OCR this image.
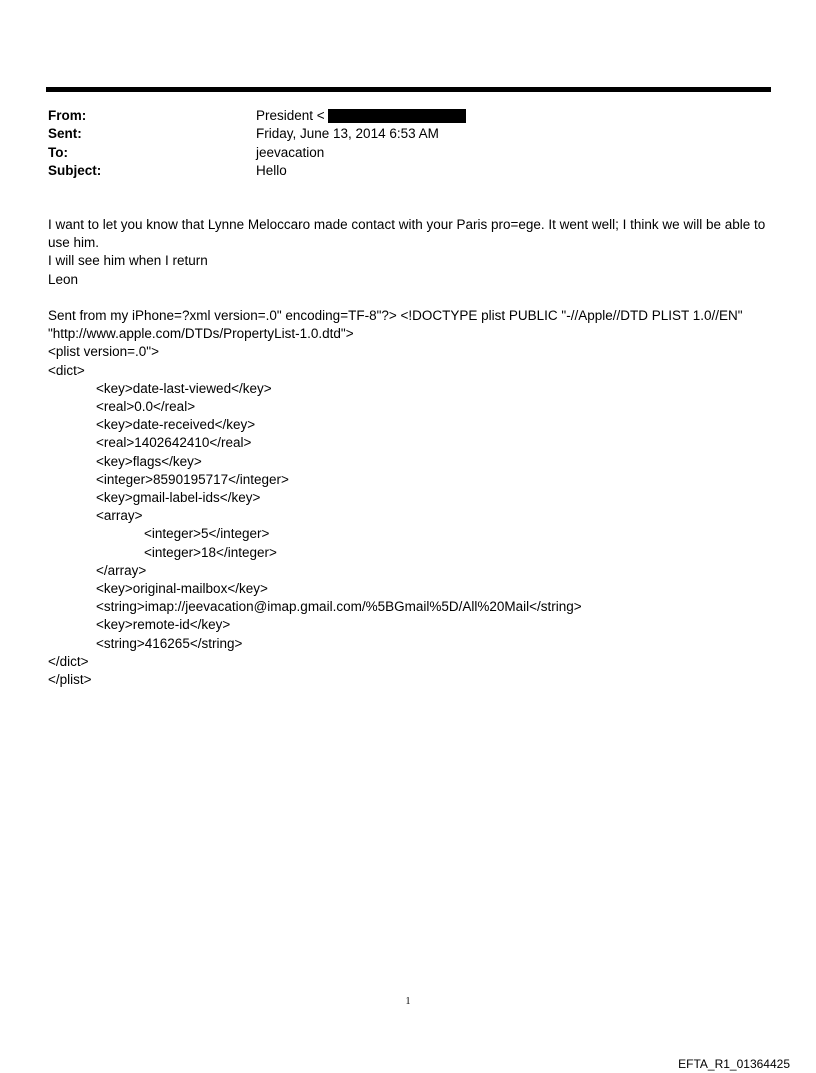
From:	President <
Sent:	Friday, June 13, 2014 6:53 AM
To:	jeevacation
Subject:	Hello

I want to let you know that Lynne Meloccaro made contact with your Paris pro=ege. It went well; I think we will be able to use him.

I will see him when I return

Leon

Sent from my iPhone=?xml version=.0" encoding=TF-8"?> <!DOCTYPE plist PUBLIC "-//Apple//DTD PLIST 1.0//EN" "http://www.apple.com/DTDs/PropertyList-1.0.dtd">

<plist version=.0">

<dict>

<key>date-last-viewed</key>

<real>0.0</real>

<key>date-received</key>

<real>1402642410</real>

<key>flags</key>

<integer>8590195717</integer>

<key>gmail-label-ids</key>

<array>

<integer>5</integer>

<integer>18</integer>

</array>

<key>original-mailbox</key>

<string>imap://jeevacation@imap.gmail.com/%5BGmail%5D/All%20Mail</string>

<key>remote-id</key>

<string>416265</string>

</dict>

</plist>

1
EFTA_R1_01364425
